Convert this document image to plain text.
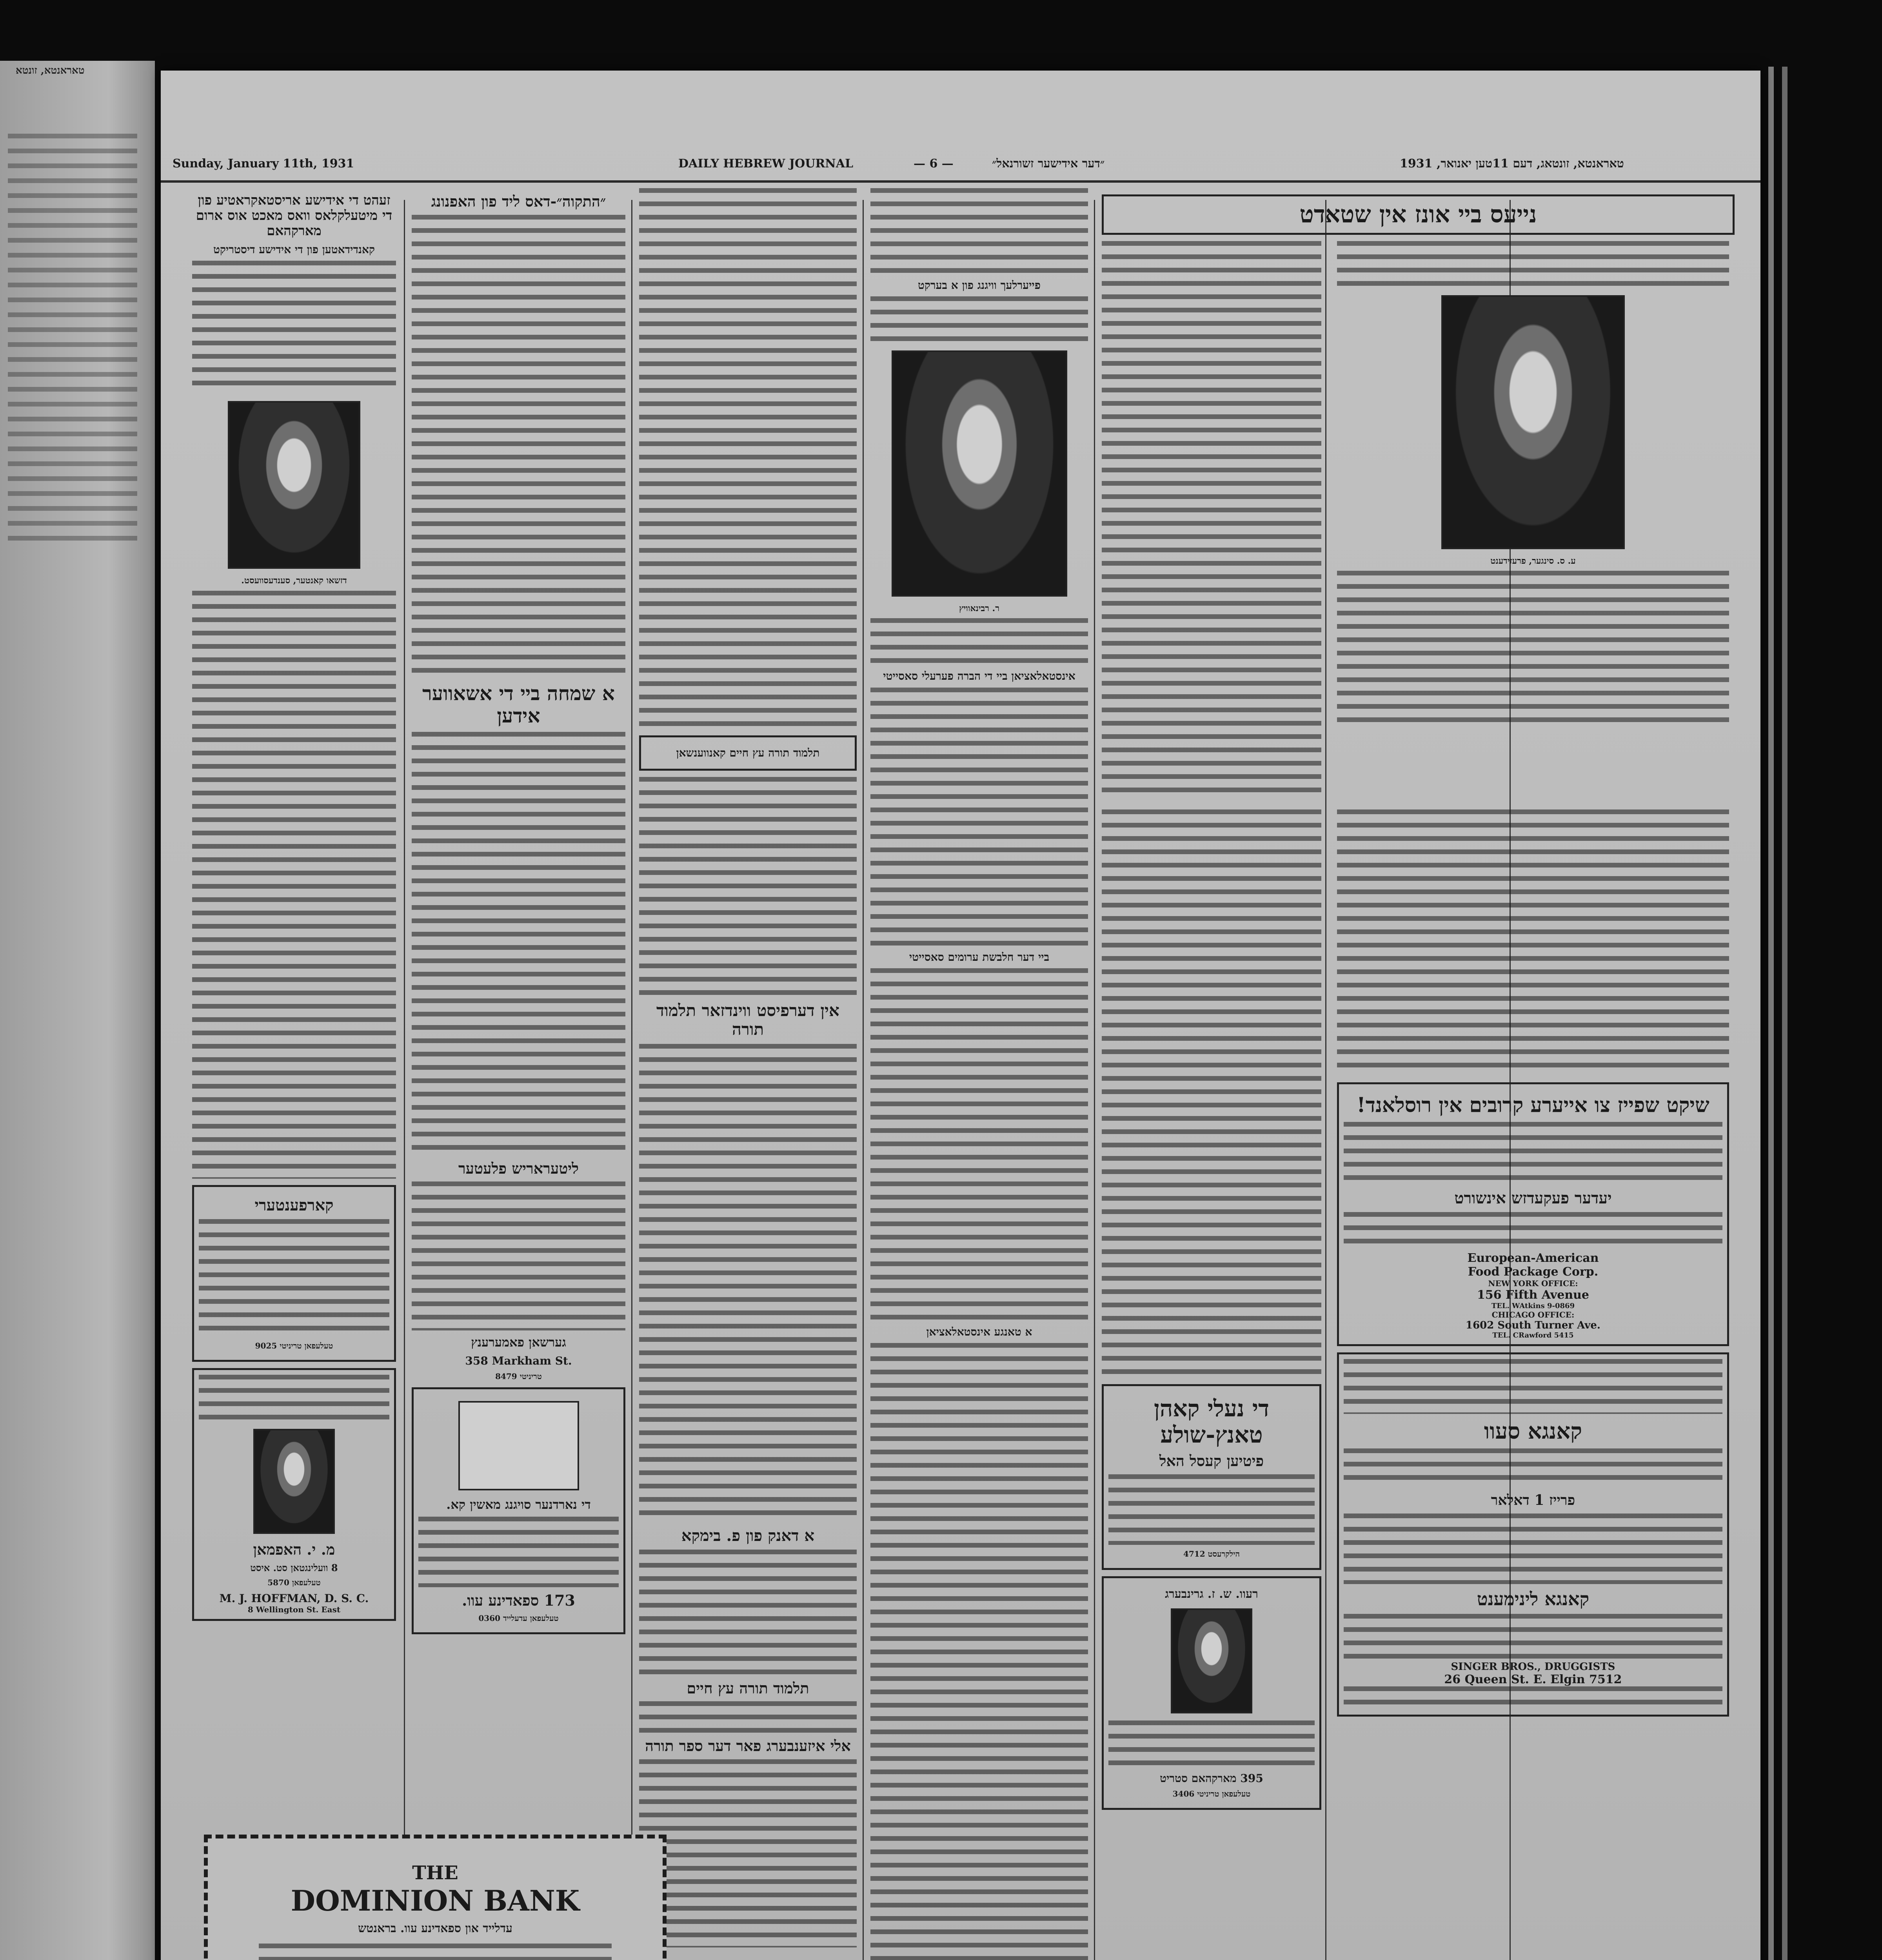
טאראנטא, זונטא
Sunday, January 11th, 1931	DAILY HEBREW JOURNAL	— 6 —	״דער אידישער זשורנאל״	טאראנטא, זונטאג, דעם 11טען יאנואר, 1931
זעהט די אידישע אריסטאקראטיע פון די מיטעלקלאס וואס מאכט אוס ארום מארקהאם
קאנדידאטען פון די אידישע דיסטריקט
דזשאו קאנטער, סענדעסוועסט.
קארפענטערי
טעלעפאן טריניטי 9025
מ. י. האפמאן
8 וועלינגטאן סט. איסט
טעלעפאן 5870
M. J. HOFFMAN, D. S. C.
8 Wellington St. East
״התקוה״-דאס ליד פון האפנונג
א שמחה ביי די אשאווער אידען
ליטעראריש פלעטער
גערשאן פאמערענץ
358 Markham St.
טריניטי 8479
די נארדנער סויגנג מאשין קא.
173 ספאדינע עוו.
טעלעפאן עדעלייד 0360
תלמוד תורה עץ חיים קאנווענשאן
אין דערפיסט ווינדזאר תלמוד תורה
א דאנק פון פ. בימקא
תלמוד תורה עץ חיים
אלי איזענבערג פאר דער ספר תורה
פייערלעך וויגנג פון א בערקט
ר. רבינאוויץ
אינסטאלאציאן ביי די הברה פערעלי סאסייטי
ביי דער חלבשת ערומים סאסייטי
א טאנגע אינסטאלאציאן
נייעס ביי אונז אין שטאדט
ע. ס. סינגער, פרעזידענט
די נעלי קאהן טאנץ-שולע
פיטיען קעסל האל
הילקרעסט 4712
רעוו. ש. ז. גרינבערג
395 מארקהאם סטריט
טעלעפאן טריניטי 3406
שיקט שפייז צו אייערע קרובים אין רוסלאנד!
יעדער פעקעדזש אינשורט
European-American
Food Package Corp.
NEW YORK OFFICE:
156 Fifth Avenue
TEL. WAtkins 9-0869
CHICAGO OFFICE:
1602 South Turner Ave.
TEL. CRawford 5415
קאנגא סעוו
פרייז 1 דאלאר
קאנגא לינימענט
SINGER BROS., DRUGGISTS
26 Queen St. E. Elgin 7512
THE
DOMINION BANK
עדלייד און ספאדינע עוו. בראנטש
